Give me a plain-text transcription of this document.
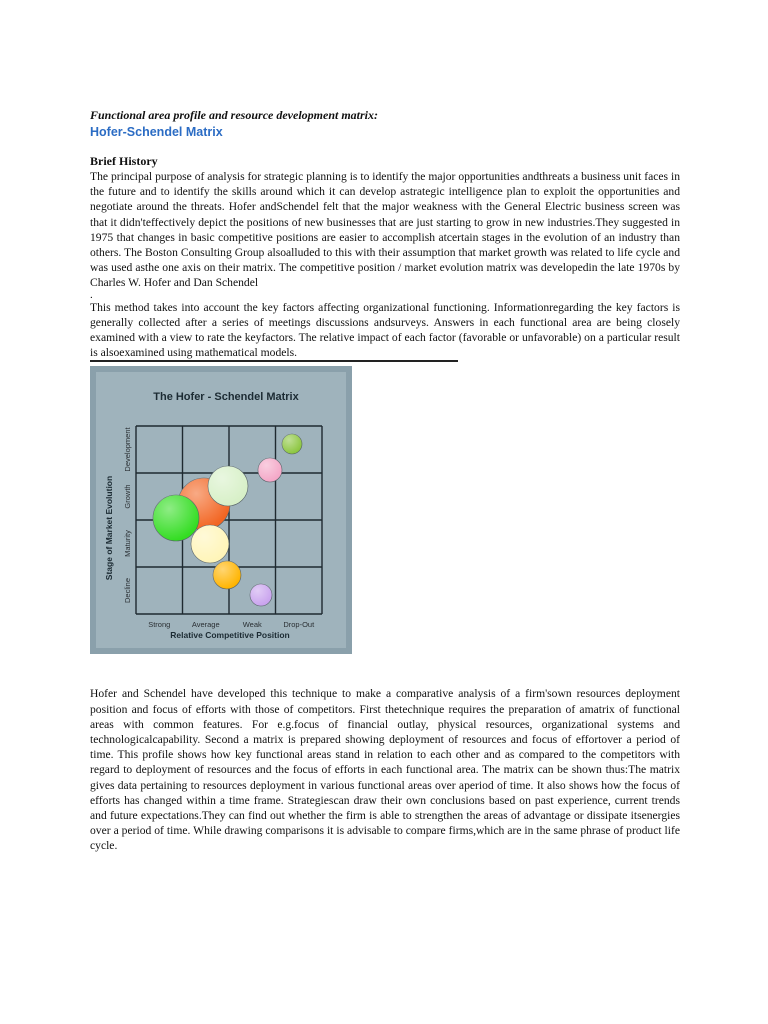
Functional area profile and resource development matrix:
Hofer-Schendel Matrix
Brief History

The principal purpose of analysis for strategic planning is to identify the major opportunities andthreats a business unit faces in the future and to identify the skills around which it can develop astrategic intelligence plan to exploit the opportunities and negotiate around the threats. Hofer andSchendel felt that the major weakness with the General Electric business screen was that it didn'teffectively depict the positions of new businesses that are just starting to grow in new industries.They suggested in 1975 that changes in basic competitive positions are easier to accomplish atcertain stages in the evolution of an industry than others. The Boston Consulting Group alsoalluded to this with their assumption that market growth was related to life cycle and was used asthe one axis on their matrix. The competitive position / market evolution matrix was developedin the late 1970s by Charles W. Hofer and Dan Schendel

.

This method takes into account the key factors affecting organizational functioning. Informationregarding the key factors is generally collected after a series of meetings discussions andsurveys. Answers in each functional area are being closely examined with a view to rate the keyfactors. The relative impact of each factor (favorable or unfavorable) on a particular result is alsoexamined using mathematical models.

The Hofer - Schendel Matrix
Strong	Average	Weak	Drop-Out
Development
Growth
Maturity
Decline
Relative Competitive Position
Stage of Market Evolution

Hofer and Schendel have developed this technique to make a comparative analysis of a firm'sown resources deployment position and focus of efforts with those of competitors. First thetechnique requires the preparation of amatrix of functional areas with common features. For e.g.focus of financial outlay, physical resources, organizational systems and technologicalcapability. Second a matrix is prepared showing deployment of resources and focus of effortover a period of time. This profile shows how key functional areas stand in relation to each other and as compared to the competitors with regard to deployment of resources and the focus of efforts in each functional area. The matrix can be shown thus:The matrix gives data pertaining to resources deployment in various functional areas over aperiod of time. It also shows how the focus of efforts has changed within a time frame. Strategiescan draw their own conclusions based on past experience, current trends and future expectations.They can find out whether the firm is able to strengthen the areas of advantage or dissipate itsenergies over a period of time. While drawing comparisons it is advisable to compare firms,which are in the same phrase of product life cycle.
